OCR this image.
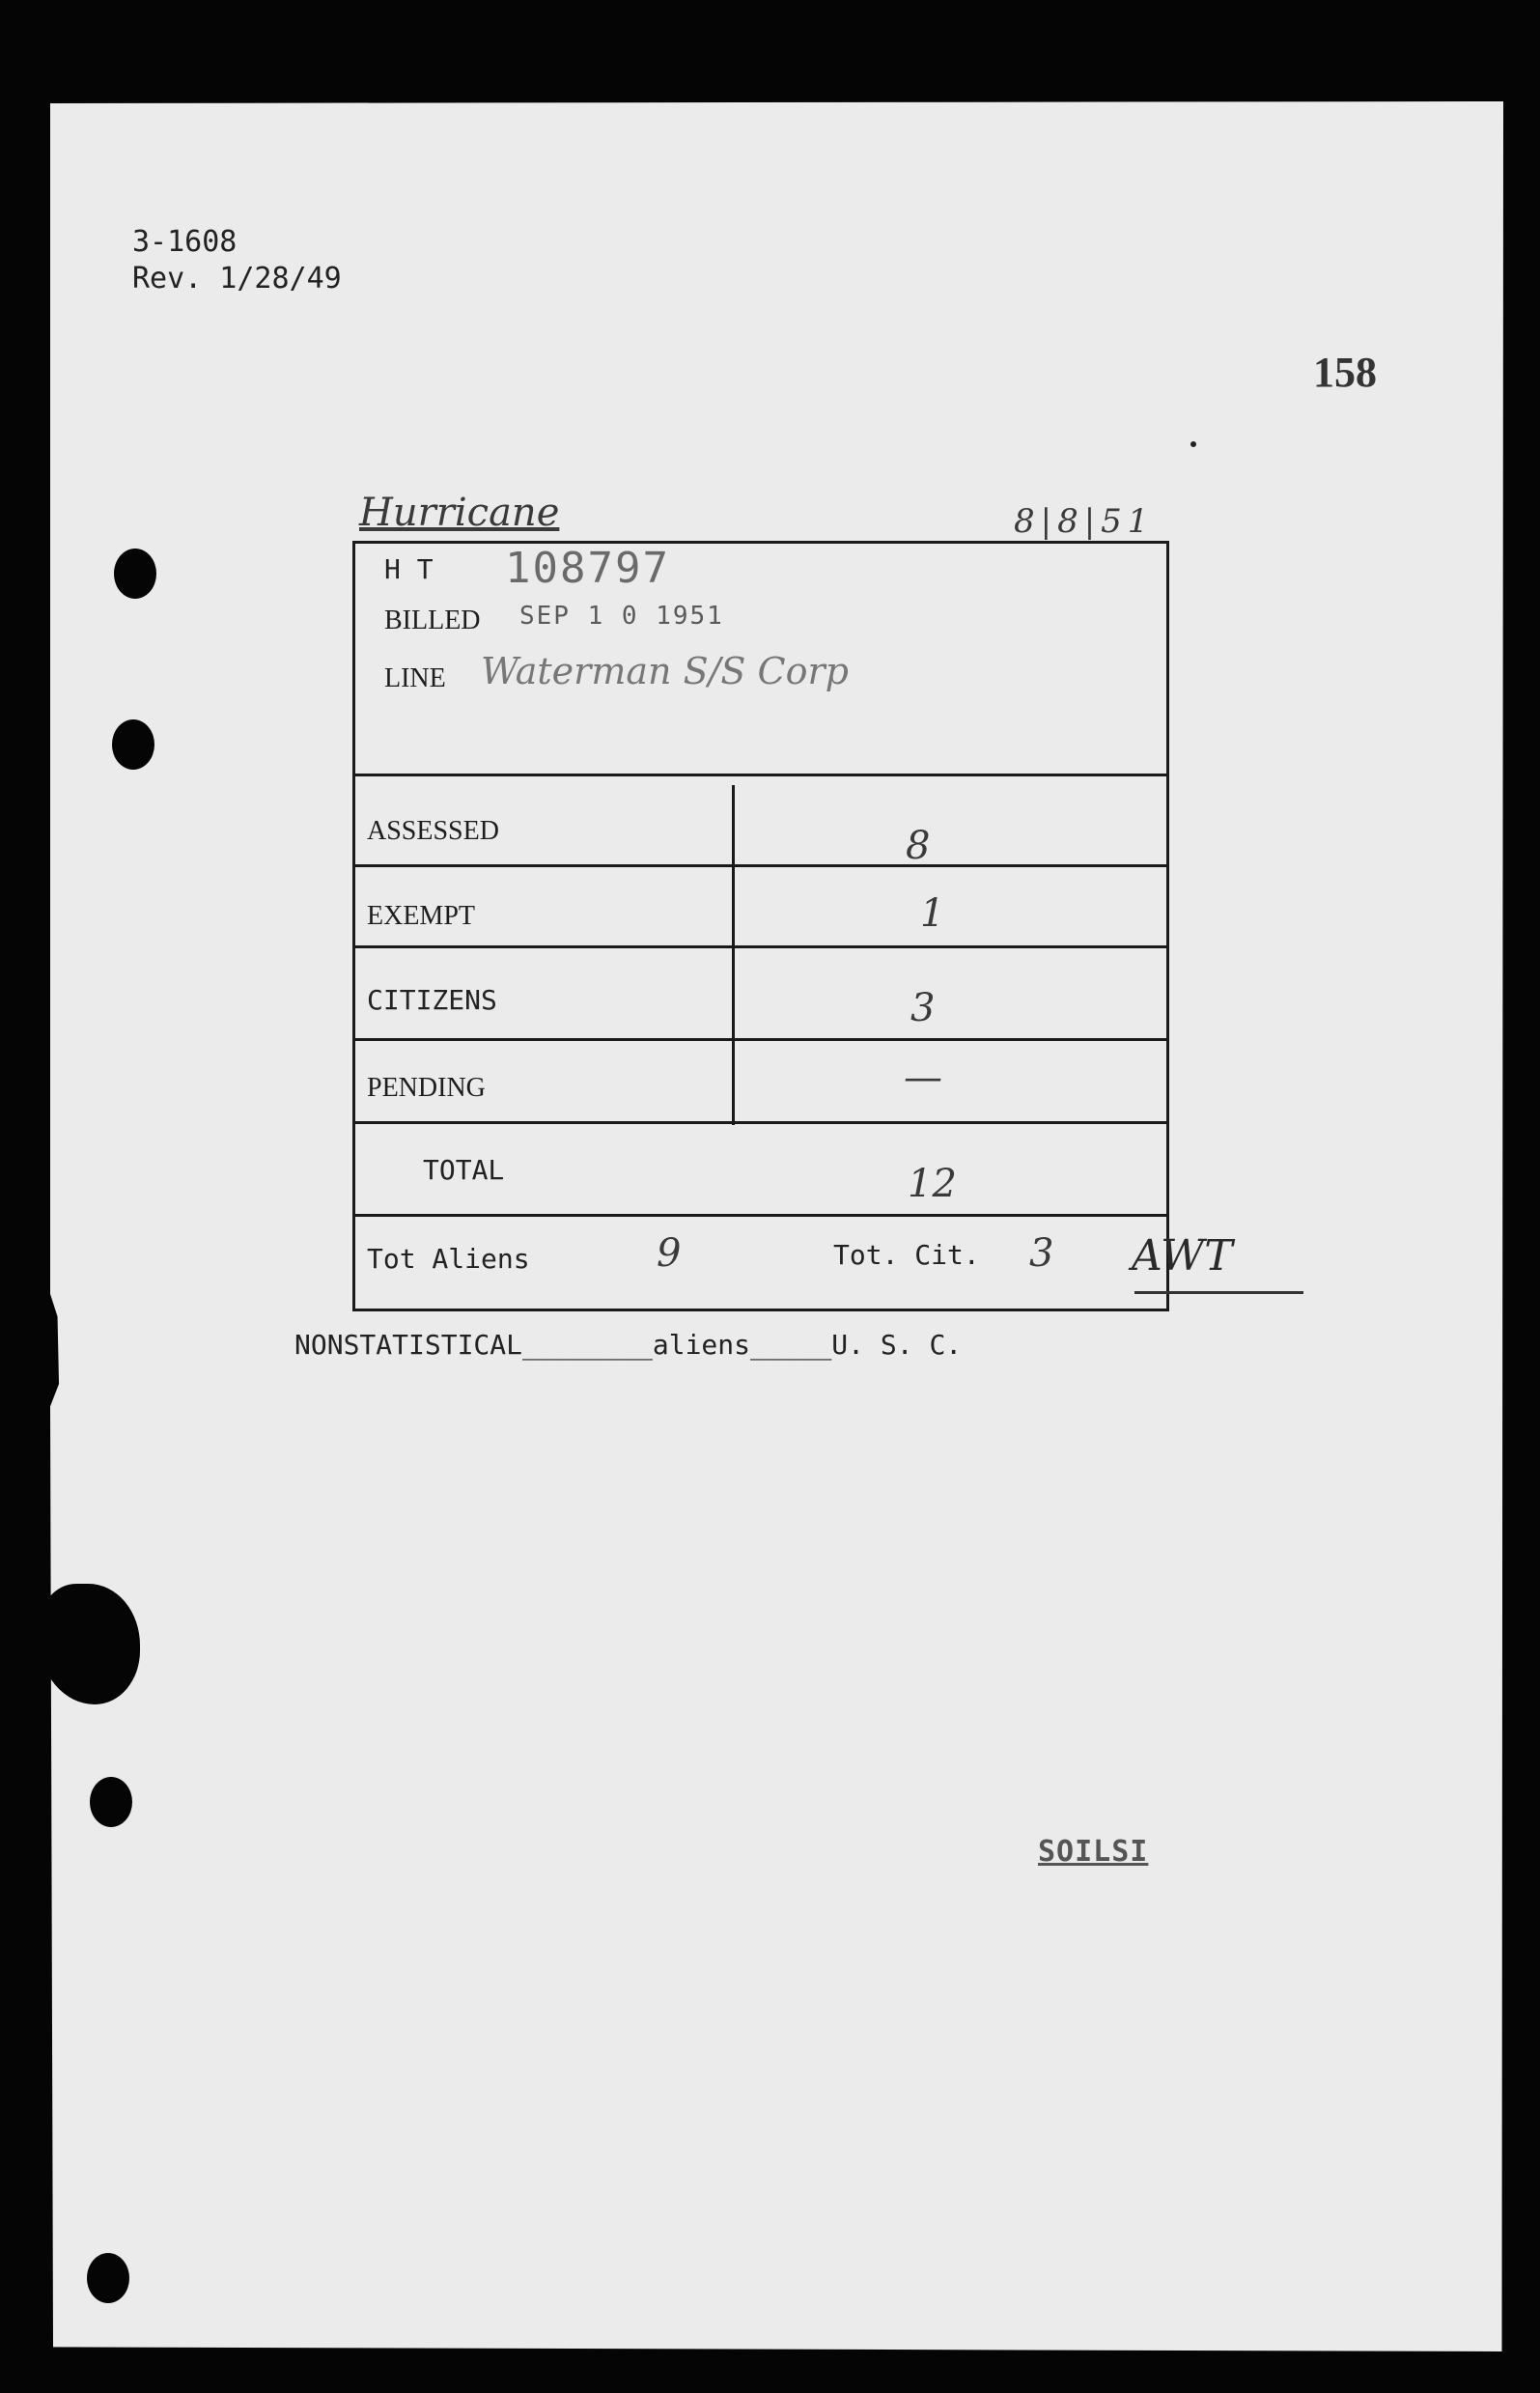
3-1608
Rev. 1/28/49
158
Hurricane	8|8|51
H T 108797
BILLED SEP 1 0 1951
LINE Waterman S/S Corp
ASSESSED	8
EXEMPT	1
CITIZENS	3
PENDING	—
TOTAL	12
Tot Aliens	9	Tot. Cit. 3 AWT
NONSTATISTICAL________aliens_____U. S. C.
SOILSI
